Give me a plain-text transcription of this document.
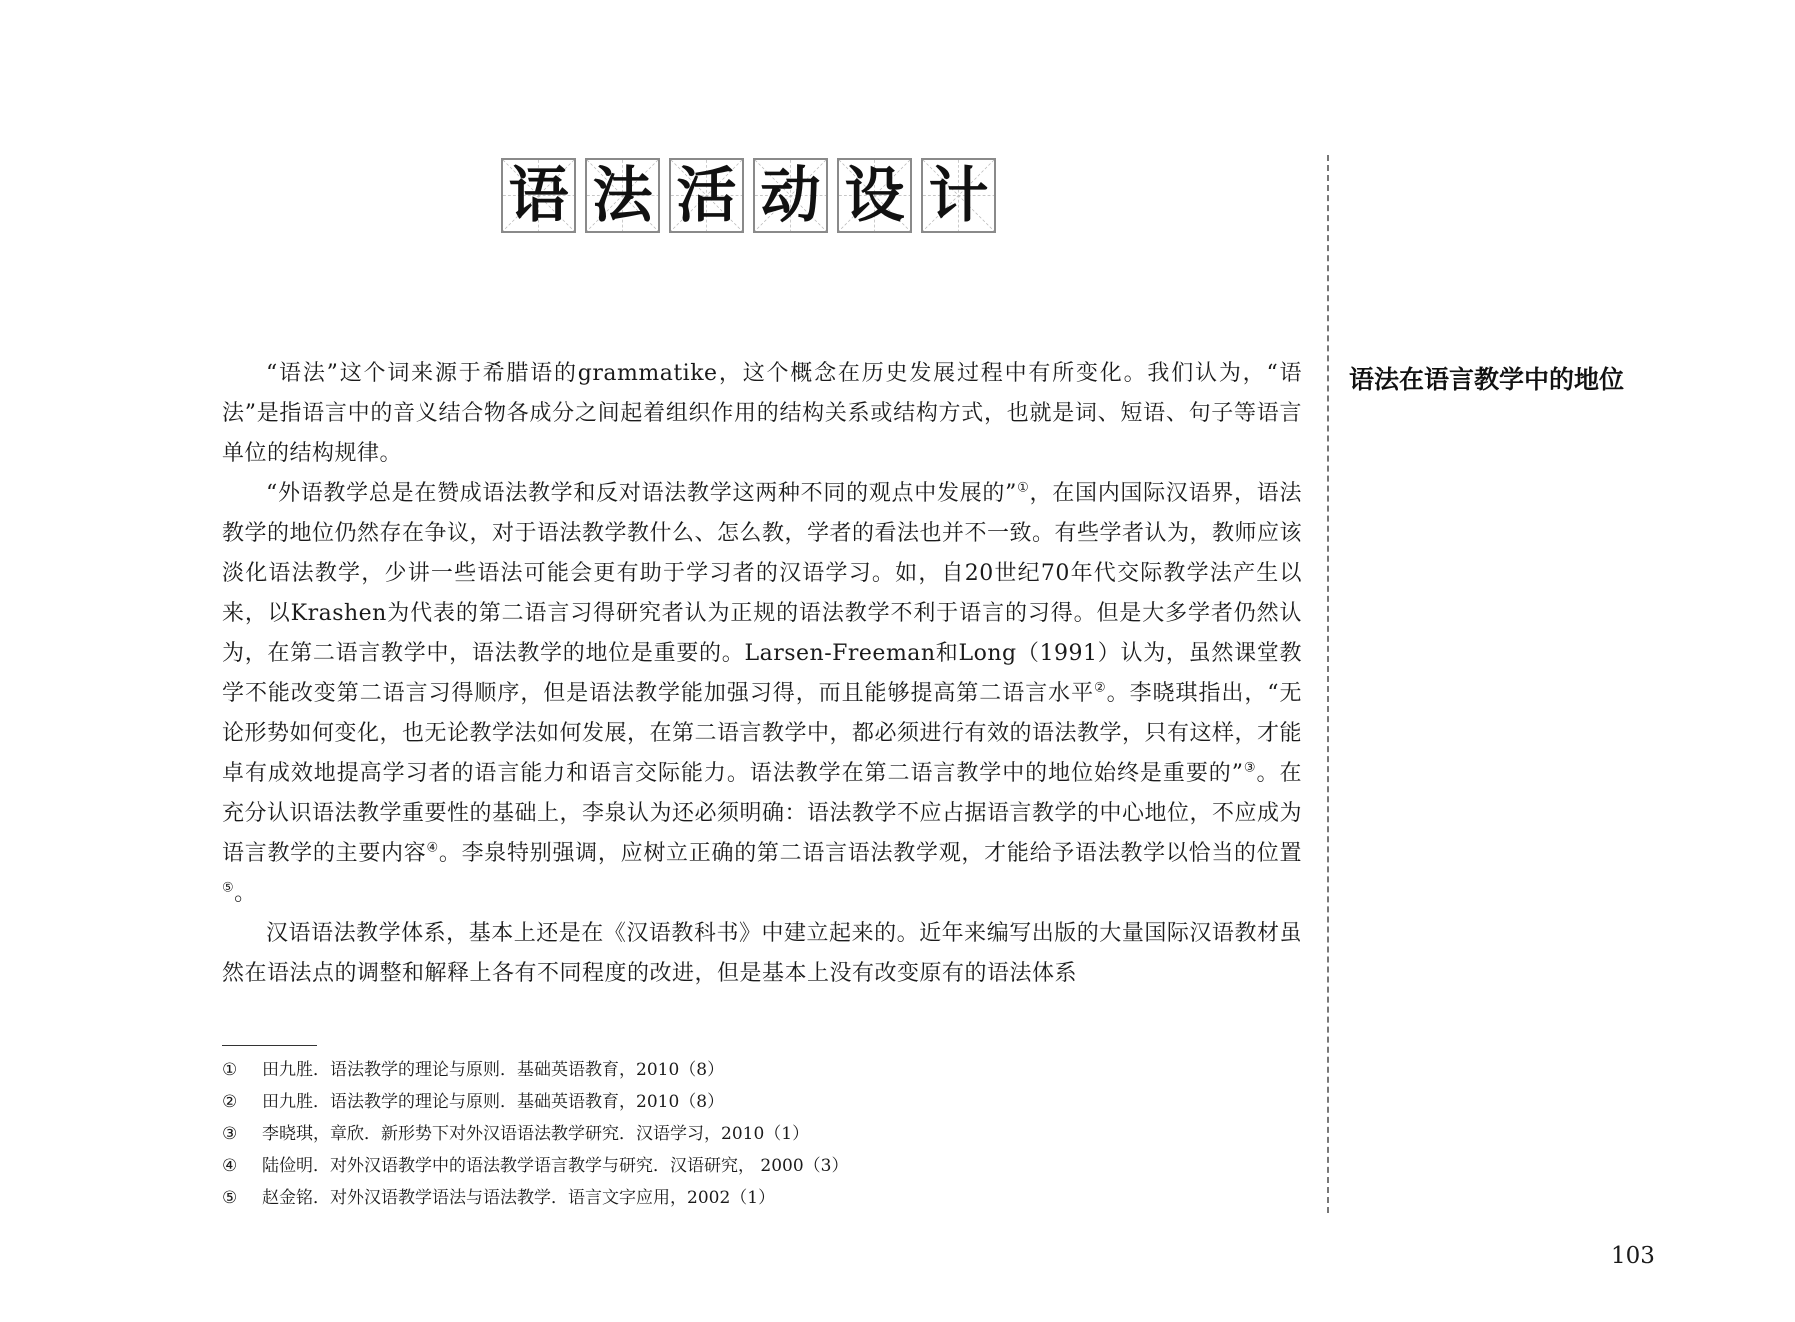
语 法 活 动 设 计
语法在语言教学中的地位

“语法”这个词来源于希腊语的grammatike，这个概念在历史发展过程中有所变化。我们认为，“语法”是指语言中的音义结合物各成分之间起着组织作用的结构关系或结构方式，也就是词、短语、句子等语言单位的结构规律。

“外语教学总是在赞成语法教学和反对语法教学这两种不同的观点中发展的”①，在国内国际汉语界，语法教学的地位仍然存在争议，对于语法教学教什么、怎么教，学者的看法也并不一致。有些学者认为，教师应该淡化语法教学，少讲一些语法可能会更有助于学习者的汉语学习。如，自20世纪70年代交际教学法产生以来，以Krashen为代表的第二语言习得研究者认为正规的语法教学不利于语言的习得。但是大多学者仍然认为，在第二语言教学中，语法教学的地位是重要的。Larsen-Freeman和Long（1991）认为，虽然课堂教学不能改变第二语言习得顺序，但是语法教学能加强习得，而且能够提高第二语言水平②。李晓琪指出，“无论形势如何变化，也无论教学法如何发展，在第二语言教学中，都必须进行有效的语法教学，只有这样，才能卓有成效地提高学习者的语言能力和语言交际能力。语法教学在第二语言教学中的地位始终是重要的”③。在充分认识语法教学重要性的基础上，李泉认为还必须明确：语法教学不应占据语言教学的中心地位，不应成为语言教学的主要内容④。李泉特别强调，应树立正确的第二语言语法教学观，才能给予语法教学以恰当的位置⑤。

汉语语法教学体系，基本上还是在《汉语教科书》中建立起来的。近年来编写出版的大量国际汉语教材虽然在语法点的调整和解释上各有不同程度的改进，但是基本上没有改变原有的语法体系

①	田九胜．语法教学的理论与原则．基础英语教育，2010（8）
②	田九胜．语法教学的理论与原则．基础英语教育，2010（8）
③	李晓琪，章欣．新形势下对外汉语语法教学研究．汉语学习，2010（1）
④	陆俭明．对外汉语教学中的语法教学语言教学与研究．汉语研究， 2000（3）
⑤	赵金铭．对外汉语教学语法与语法教学．语言文字应用，2002（1）
103
